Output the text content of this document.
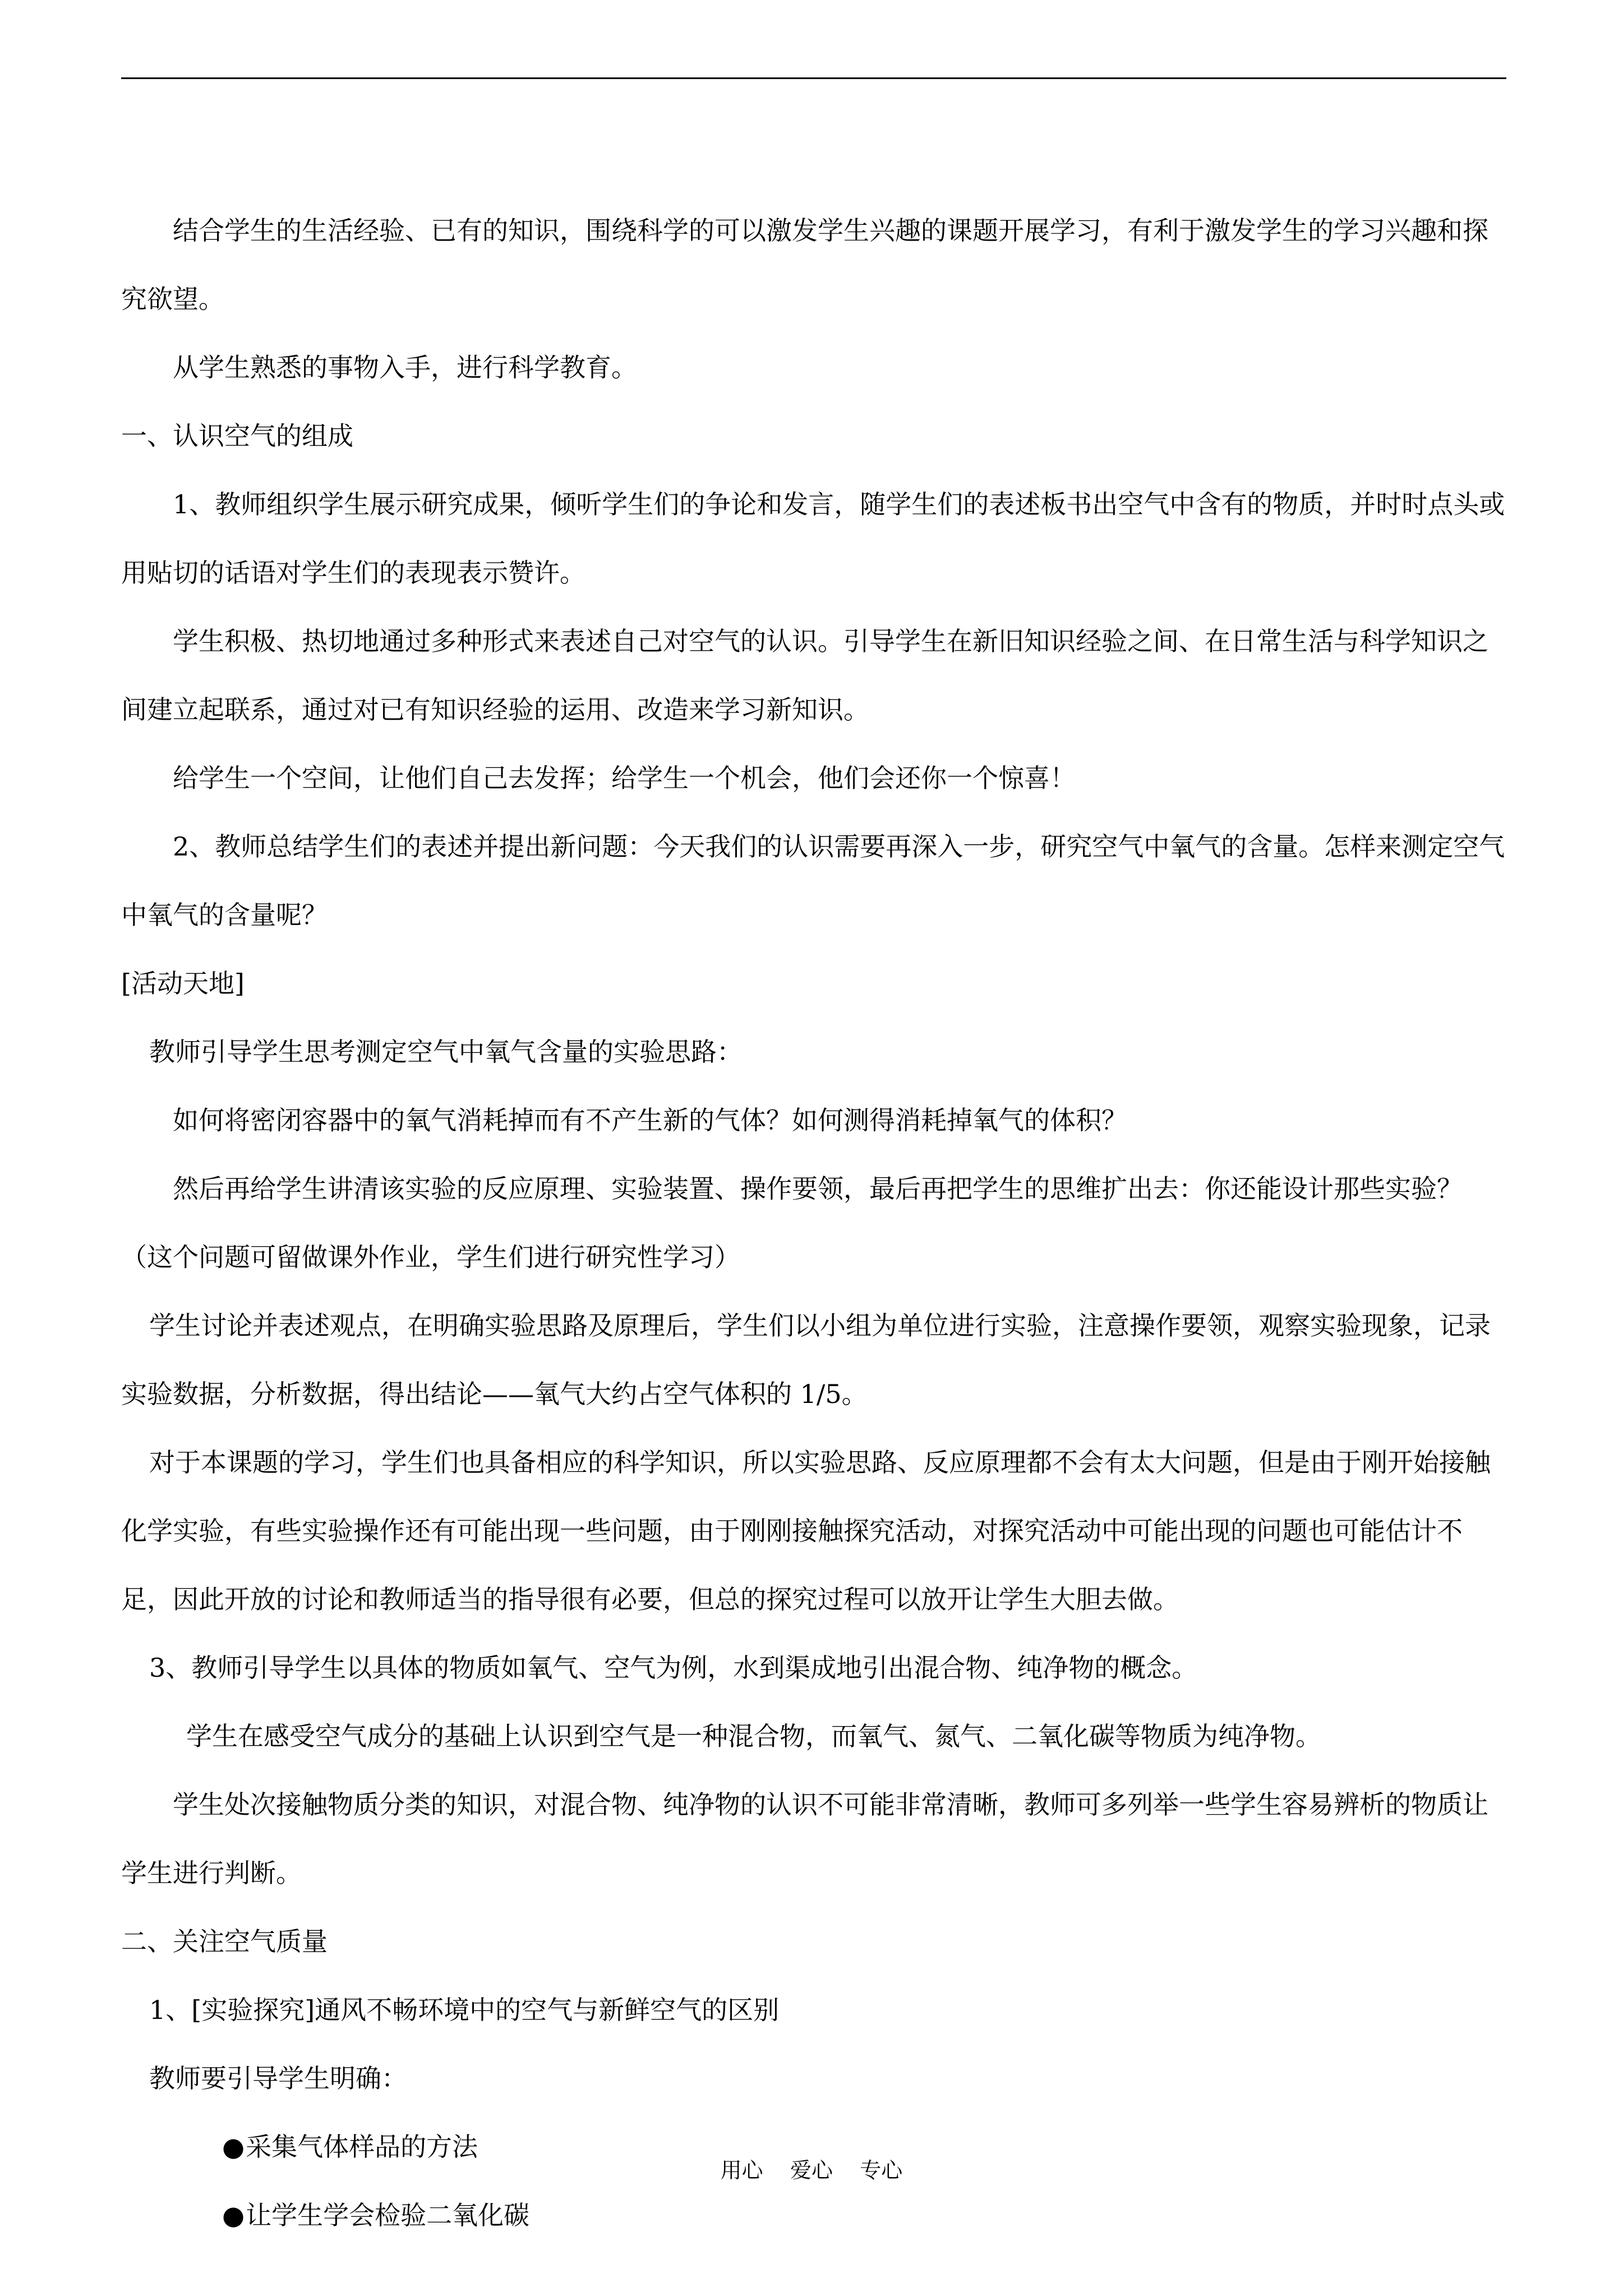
结合学生的生活经验、已有的知识，围绕科学的可以激发学生兴趣的课题开展学习，有利于激发学生的学习兴趣和探究欲望。

从学生熟悉的事物入手，进行科学教育。

一、认识空气的组成

1、教师组织学生展示研究成果，倾听学生们的争论和发言，随学生们的表述板书出空气中含有的物质，并时时点头或用贴切的话语对学生们的表现表示赞许。

学生积极、热切地通过多种形式来表述自己对空气的认识。引导学生在新旧知识经验之间、在日常生活与科学知识之间建立起联系，通过对已有知识经验的运用、改造来学习新知识。

给学生一个空间，让他们自己去发挥；给学生一个机会，他们会还你一个惊喜！

2、教师总结学生们的表述并提出新问题：今天我们的认识需要再深入一步，研究空气中氧气的含量。怎样来测定空气中氧气的含量呢？

[活动天地]

教师引导学生思考测定空气中氧气含量的实验思路：

如何将密闭容器中的氧气消耗掉而有不产生新的气体？如何测得消耗掉氧气的体积？

然后再给学生讲清该实验的反应原理、实验装置、操作要领，最后再把学生的思维扩出去：你还能设计那些实验？（这个问题可留做课外作业，学生们进行研究性学习）

学生讨论并表述观点，在明确实验思路及原理后，学生们以小组为单位进行实验，注意操作要领，观察实验现象，记录实验数据，分析数据，得出结论——氧气大约占空气体积的 1/5。

对于本课题的学习，学生们也具备相应的科学知识，所以实验思路、反应原理都不会有太大问题，但是由于刚开始接触化学实验，有些实验操作还有可能出现一些问题，由于刚刚接触探究活动，对探究活动中可能出现的问题也可能估计不足，因此开放的讨论和教师适当的指导很有必要，但总的探究过程可以放开让学生大胆去做。

3、教师引导学生以具体的物质如氧气、空气为例，水到渠成地引出混合物、纯净物的概念。

学生在感受空气成分的基础上认识到空气是一种混合物，而氧气、氮气、二氧化碳等物质为纯净物。

学生处次接触物质分类的知识，对混合物、纯净物的认识不可能非常清晰，教师可多列举一些学生容易辨析的物质让学生进行判断。

二、关注空气质量

1、[实验探究]通风不畅环境中的空气与新鲜空气的区别

教师要引导学生明确：

●采集气体样品的方法

●让学生学会检验二氧化碳

用心    爱心    专心
